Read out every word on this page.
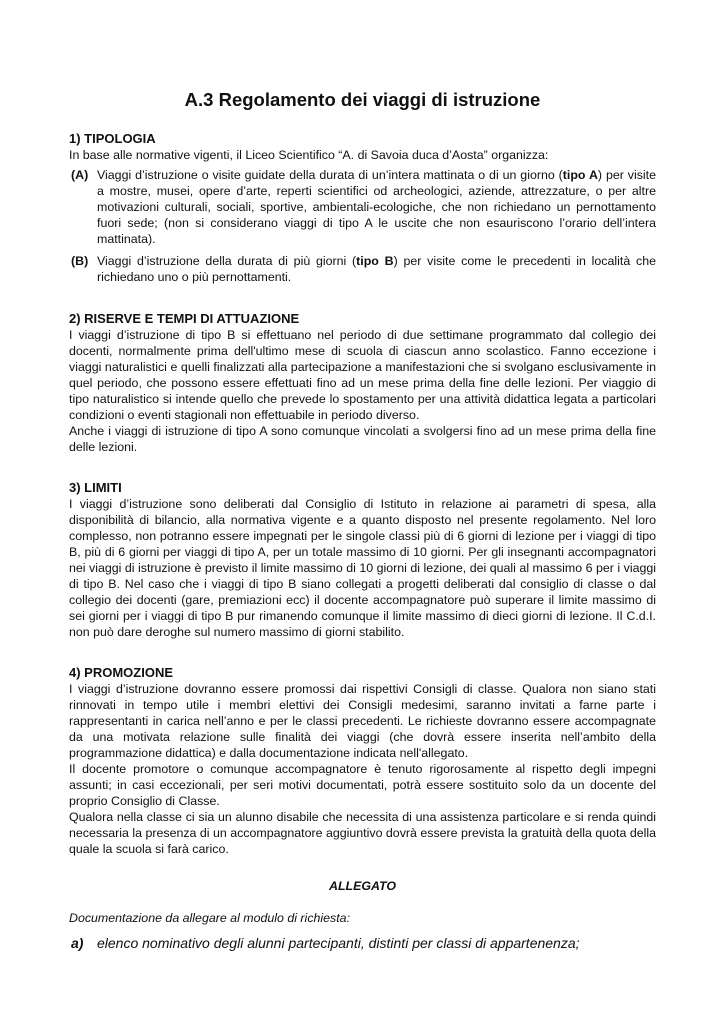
A.3 Regolamento dei viaggi di istruzione
1) TIPOLOGIA

In base alle normative vigenti, il Liceo Scientifico “A. di Savoia duca d’Aosta” organizza:

(A) Viaggi d’istruzione o visite guidate della durata di un’intera mattinata o di un giorno (tipo A) per visite a mostre, musei, opere d’arte, reperti scientifici od archeologici, aziende, attrezzature, o per altre motivazioni culturali, sociali, sportive, ambientali-ecologiche, che non richiedano un pernottamento fuori sede; (non si considerano viaggi di tipo A le uscite che non esauriscono l’orario dell’intera mattinata).
(B) Viaggi d’istruzione della durata di più giorni (tipo B) per visite come le precedenti in località che richiedano uno o più pernottamenti.
2) RISERVE E TEMPI DI ATTUAZIONE

I viaggi d’istruzione di tipo B si effettuano nel periodo di due settimane programmato dal collegio dei docenti, normalmente prima dell'ultimo mese di scuola di ciascun anno scolastico. Fanno eccezione i viaggi naturalistici e quelli finalizzati alla partecipazione a manifestazioni che si svolgano esclusivamente in quel periodo, che possono essere effettuati fino ad un mese prima della fine delle lezioni. Per viaggio di tipo naturalistico si intende quello che prevede lo spostamento per una attività didattica legata a particolari condizioni o eventi stagionali non effettuabile in periodo diverso.

Anche i viaggi di istruzione di tipo A sono comunque vincolati a svolgersi fino ad un mese prima della fine delle lezioni.

3) LIMITI

I viaggi d’istruzione sono deliberati dal Consiglio di Istituto in relazione ai parametri di spesa, alla disponibilità di bilancio, alla normativa vigente e a quanto disposto nel presente regolamento. Nel loro complesso, non potranno essere impegnati per le singole classi più di 6 giorni di lezione per i viaggi di tipo B, più di 6 giorni per viaggi di tipo A, per un totale massimo di 10 giorni. Per gli insegnanti accompagnatori nei viaggi di istruzione è previsto il limite massimo di 10 giorni di lezione, dei quali al massimo 6 per i viaggi di tipo B. Nel caso che i viaggi di tipo B siano collegati a progetti deliberati dal consiglio di classe o dal collegio dei docenti (gare, premiazioni ecc) il docente accompagnatore può superare il limite massimo di sei giorni per i viaggi di tipo B pur rimanendo comunque il limite massimo di dieci giorni di lezione. Il C.d.I. non può dare deroghe sul numero massimo di giorni stabilito.

4) PROMOZIONE

I viaggi d’istruzione dovranno essere promossi dai rispettivi Consigli di classe. Qualora non siano stati rinnovati in tempo utile i membri elettivi dei Consigli medesimi, saranno invitati a farne parte i rappresentanti in carica nell’anno e per le classi precedenti. Le richieste dovranno essere accompagnate da una motivata relazione sulle finalità dei viaggi (che dovrà essere inserita nell’ambito della programmazione didattica) e dalla documentazione indicata nell'allegato.

Il docente promotore o comunque accompagnatore è tenuto rigorosamente al rispetto degli impegni assunti; in casi eccezionali, per seri motivi documentati, potrà essere sostituito solo da un docente del proprio Consiglio di Classe.

Qualora nella classe ci sia un alunno disabile che necessita di una assistenza particolare e si renda quindi necessaria la presenza di un accompagnatore aggiuntivo dovrà essere prevista la gratuità della quota della quale la scuola si farà carico.

ALLEGATO
Documentazione da allegare al modulo di richiesta:
a) elenco nominativo degli alunni partecipanti, distinti per classi di appartenenza;
